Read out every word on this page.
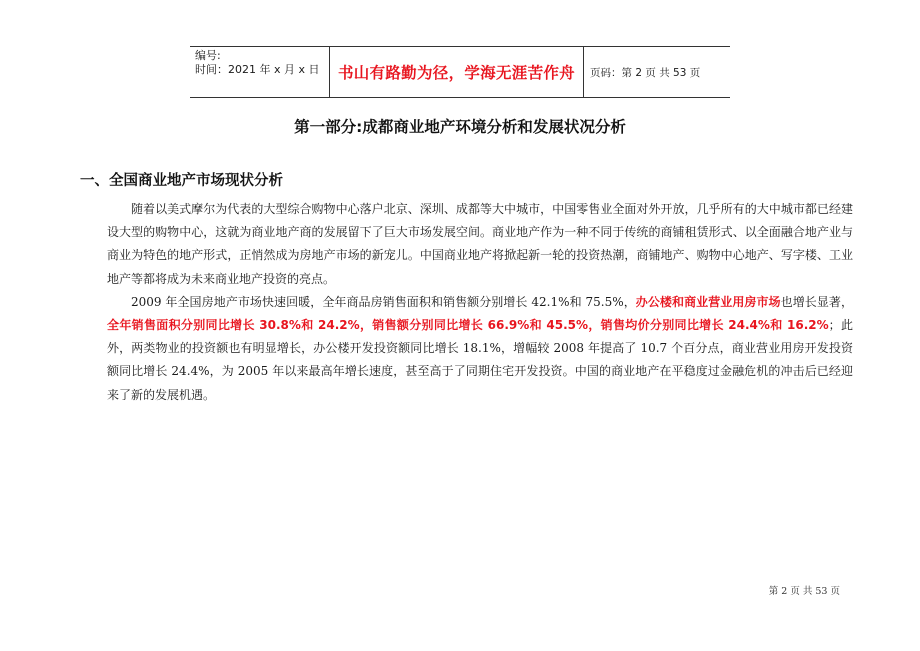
编号:
时间：2021 年 x 月 x 日	书山有路勤为径，学海无涯苦作舟	页码：第 2 页 共 53 页
第一部分:成都商业地产环境分析和发展状况分析
一、全国商业地产市场现状分析

随着以美式摩尔为代表的大型综合购物中心落户北京、深圳、成都等大中城市，中国零售业全面对外开放，几乎所有的大中城市都已经建设大型的购物中心，这就为商业地产商的发展留下了巨大市场发展空间。商业地产作为一种不同于传统的商铺租赁形式、以全面融合地产业与商业为特色的地产形式，正悄然成为房地产市场的新宠儿。中国商业地产将掀起新一轮的投资热潮，商铺地产、购物中心地产、写字楼、工业地产等都将成为未来商业地产投资的亮点。

2009 年全国房地产市场快速回暖，全年商品房销售面积和销售额分别增长 42.1%和 75.5%，办公楼和商业营业用房市场也增长显著，全年销售面积分别同比增长 30.8%和 24.2%，销售额分别同比增长 66.9%和 45.5%，销售均价分别同比增长 24.4%和 16.2%；此外，两类物业的投资额也有明显增长，办公楼开发投资额同比增长 18.1%，增幅较 2008 年提高了 10.7 个百分点，商业营业用房开发投资额同比增长 24.4%，为 2005 年以来最高年增长速度，甚至高于了同期住宅开发投资。中国的商业地产在平稳度过金融危机的冲击后已经迎来了新的发展机遇。

第 2 页 共 53 页
